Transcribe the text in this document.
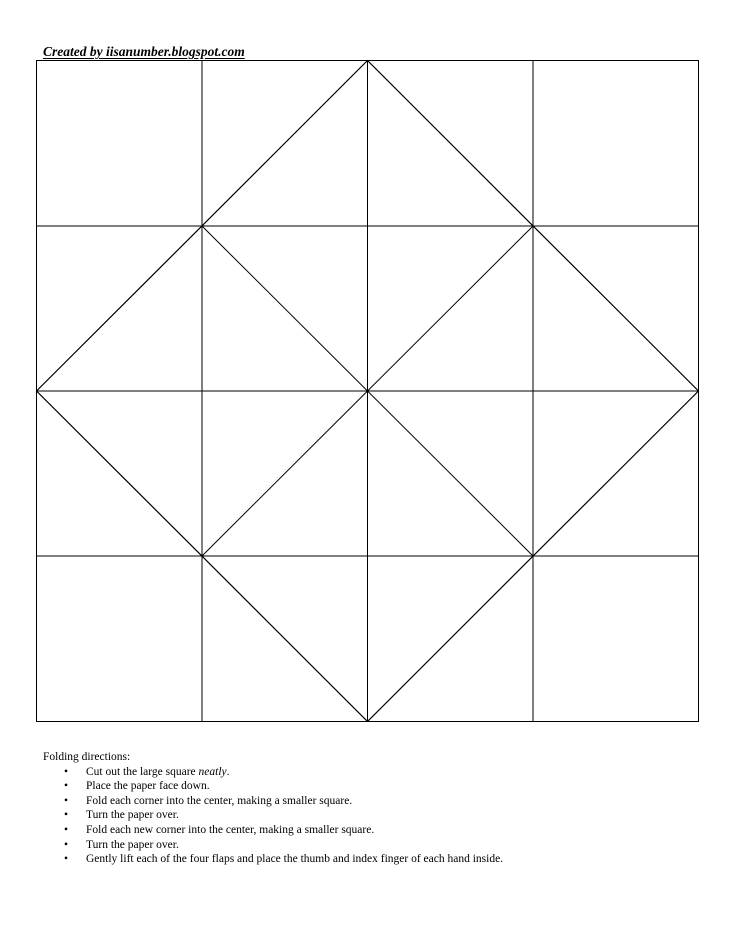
Created by iisanumber.blogspot.com

Folding directions:

• Cut out the large square neatly.
• Place the paper face down.
• Fold each corner into the center, making a smaller square.
• Turn the paper over.
• Fold each new corner into the center, making a smaller square.
• Turn the paper over.
• Gently lift each of the four flaps and place the thumb and index finger of each hand inside.
